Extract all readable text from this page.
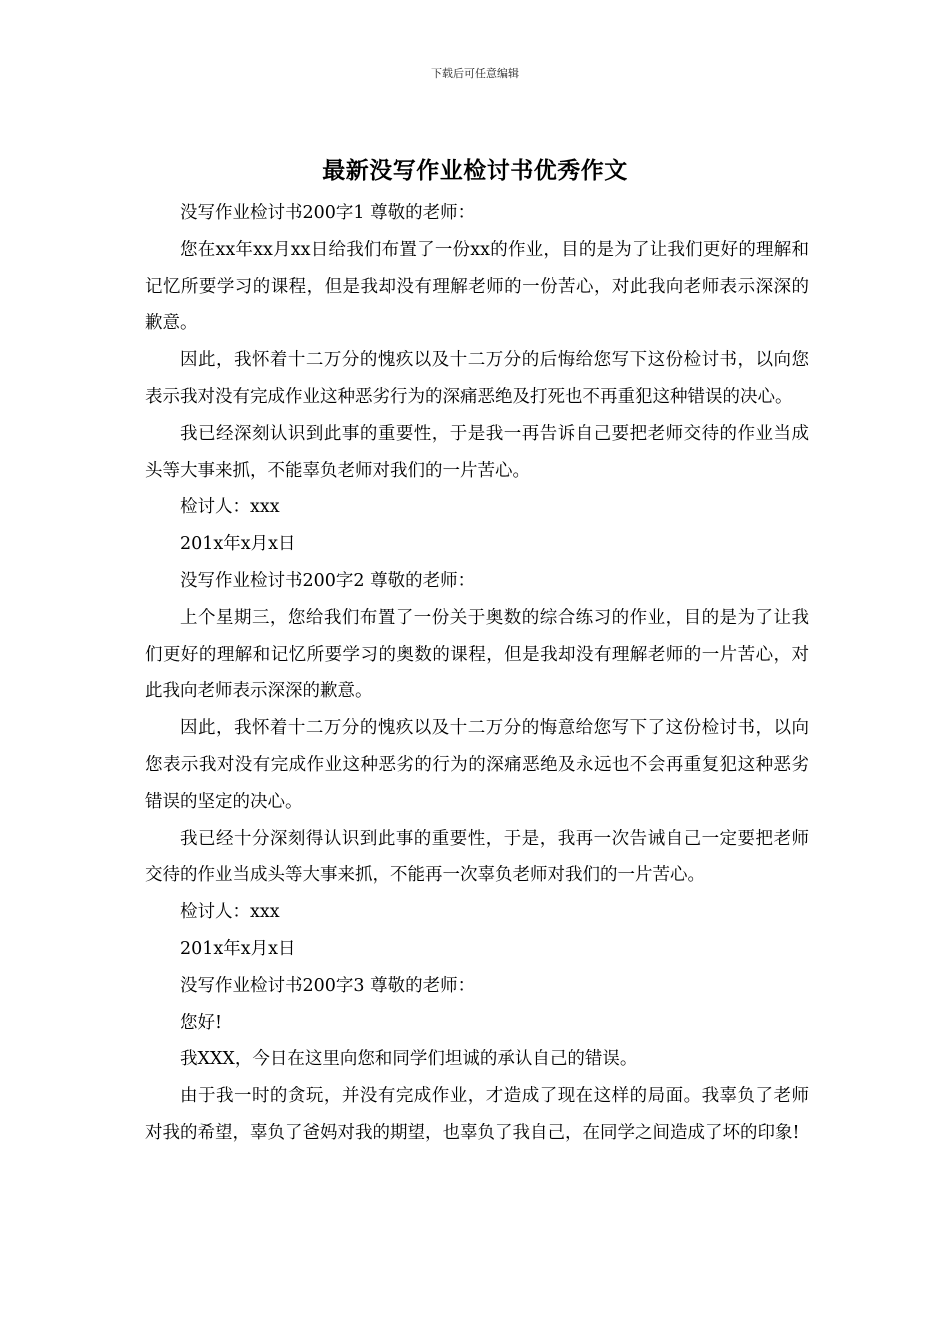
下载后可任意编辑
最新没写作业检讨书优秀作文

没写作业检讨书200字1 尊敬的老师：

您在xx年xx月xx日给我们布置了一份xx的作业，目的是为了让我们更好的理解和记忆所要学习的课程，但是我却没有理解老师的一份苦心，对此我向老师表示深深的歉意。

因此，我怀着十二万分的愧疚以及十二万分的后悔给您写下这份检讨书，以向您表示我对没有完成作业这种恶劣行为的深痛恶绝及打死也不再重犯这种错误的决心。

我已经深刻认识到此事的重要性，于是我一再告诉自己要把老师交待的作业当成头等大事来抓，不能辜负老师对我们的一片苦心。

检讨人：xxx

201x年x月x日

没写作业检讨书200字2 尊敬的老师：

上个星期三，您给我们布置了一份关于奥数的综合练习的作业，目的是为了让我们更好的理解和记忆所要学习的奥数的课程，但是我却没有理解老师的一片苦心，对此我向老师表示深深的歉意。

因此，我怀着十二万分的愧疚以及十二万分的悔意给您写下了这份检讨书，以向您表示我对没有完成作业这种恶劣的行为的深痛恶绝及永远也不会再重复犯这种恶劣错误的坚定的决心。

我已经十分深刻得认识到此事的重要性，于是，我再一次告诫自己一定要把老师交待的作业当成头等大事来抓，不能再一次辜负老师对我们的一片苦心。

检讨人：xxx

201x年x月x日

没写作业检讨书200字3 尊敬的老师：

您好!

我XXX，今日在这里向您和同学们坦诚的承认自己的错误。

由于我一时的贪玩，并没有完成作业，才造成了现在这样的局面。我辜负了老师对我的希望，辜负了爸妈对我的期望，也辜负了我自己，在同学之间造成了坏的印象!
